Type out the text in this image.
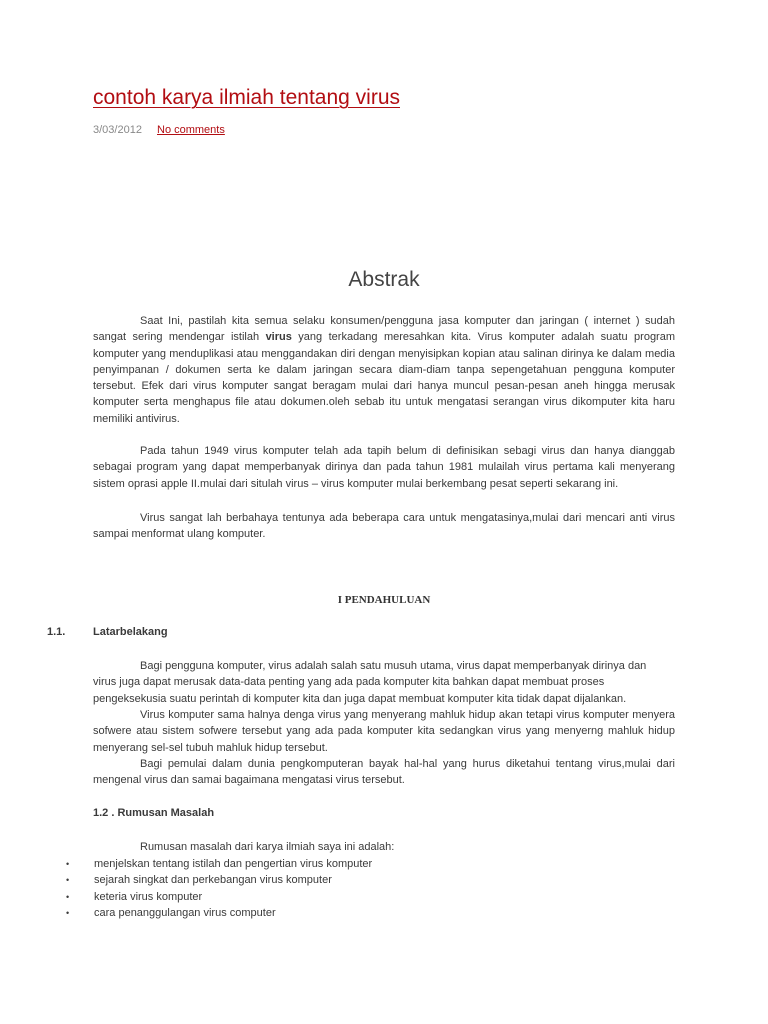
contoh karya ilmiah tentang virus
3/03/2012 No comments
Abstrak

Saat Ini, pastilah kita semua selaku konsumen/pengguna jasa komputer dan jaringan ( internet ) sudah sangat sering mendengar istilah virus yang terkadang meresahkan kita. Virus komputer adalah suatu program komputer yang menduplikasi atau menggandakan diri dengan menyisipkan kopian atau salinan dirinya ke dalam media penyimpanan / dokumen serta ke dalam jaringan secara diam-diam tanpa sepengetahuan pengguna komputer tersebut. Efek dari virus komputer sangat beragam mulai dari hanya muncul pesan-pesan aneh hingga merusak komputer serta menghapus file atau dokumen.oleh sebab itu untuk mengatasi serangan virus dikomputer kita haru memiliki antivirus.

Pada tahun 1949 virus komputer telah ada tapih belum di definisikan sebagi virus dan hanya dianggab sebagai program yang dapat memperbanyak dirinya dan pada tahun 1981 mulailah virus pertama kali menyerang sistem oprasi apple II.mulai dari situlah virus – virus komputer mulai berkembang pesat seperti sekarang ini.

Virus sangat lah berbahaya tentunya ada beberapa cara untuk mengatasinya,mulai dari mencari anti virus sampai menformat ulang komputer.

I PENDAHULUAN
1.1.	Latarbelakang

Bagi pengguna komputer, virus adalah salah satu musuh utama, virus dapat memperbanyak dirinya dan

virus juga dapat merusak data-data penting yang ada pada komputer kita bahkan dapat membuat proses

pengeksekusia suatu perintah di komputer kita dan juga dapat membuat komputer kita tidak dapat dijalankan.

Virus komputer sama halnya denga virus yang menyerang mahluk hidup akan tetapi virus komputer menyera sofwere atau sistem sofwere tersebut yang ada pada komputer kita sedangkan virus yang menyerng mahluk hidup menyerang sel-sel tubuh mahluk hidup tersebut.

Bagi pemulai dalam dunia pengkomputeran bayak hal-hal yang hurus diketahui tentang virus,mulai dari mengenal virus dan samai bagaimana mengatasi virus tersebut.

1.2 . Rumusan Masalah

Rumusan masalah dari karya ilmiah saya ini adalah:

• menjelskan tentang istilah dan pengertian virus komputer
• sejarah singkat dan perkebangan virus komputer
• keteria virus komputer
• cara penanggulangan virus computer
